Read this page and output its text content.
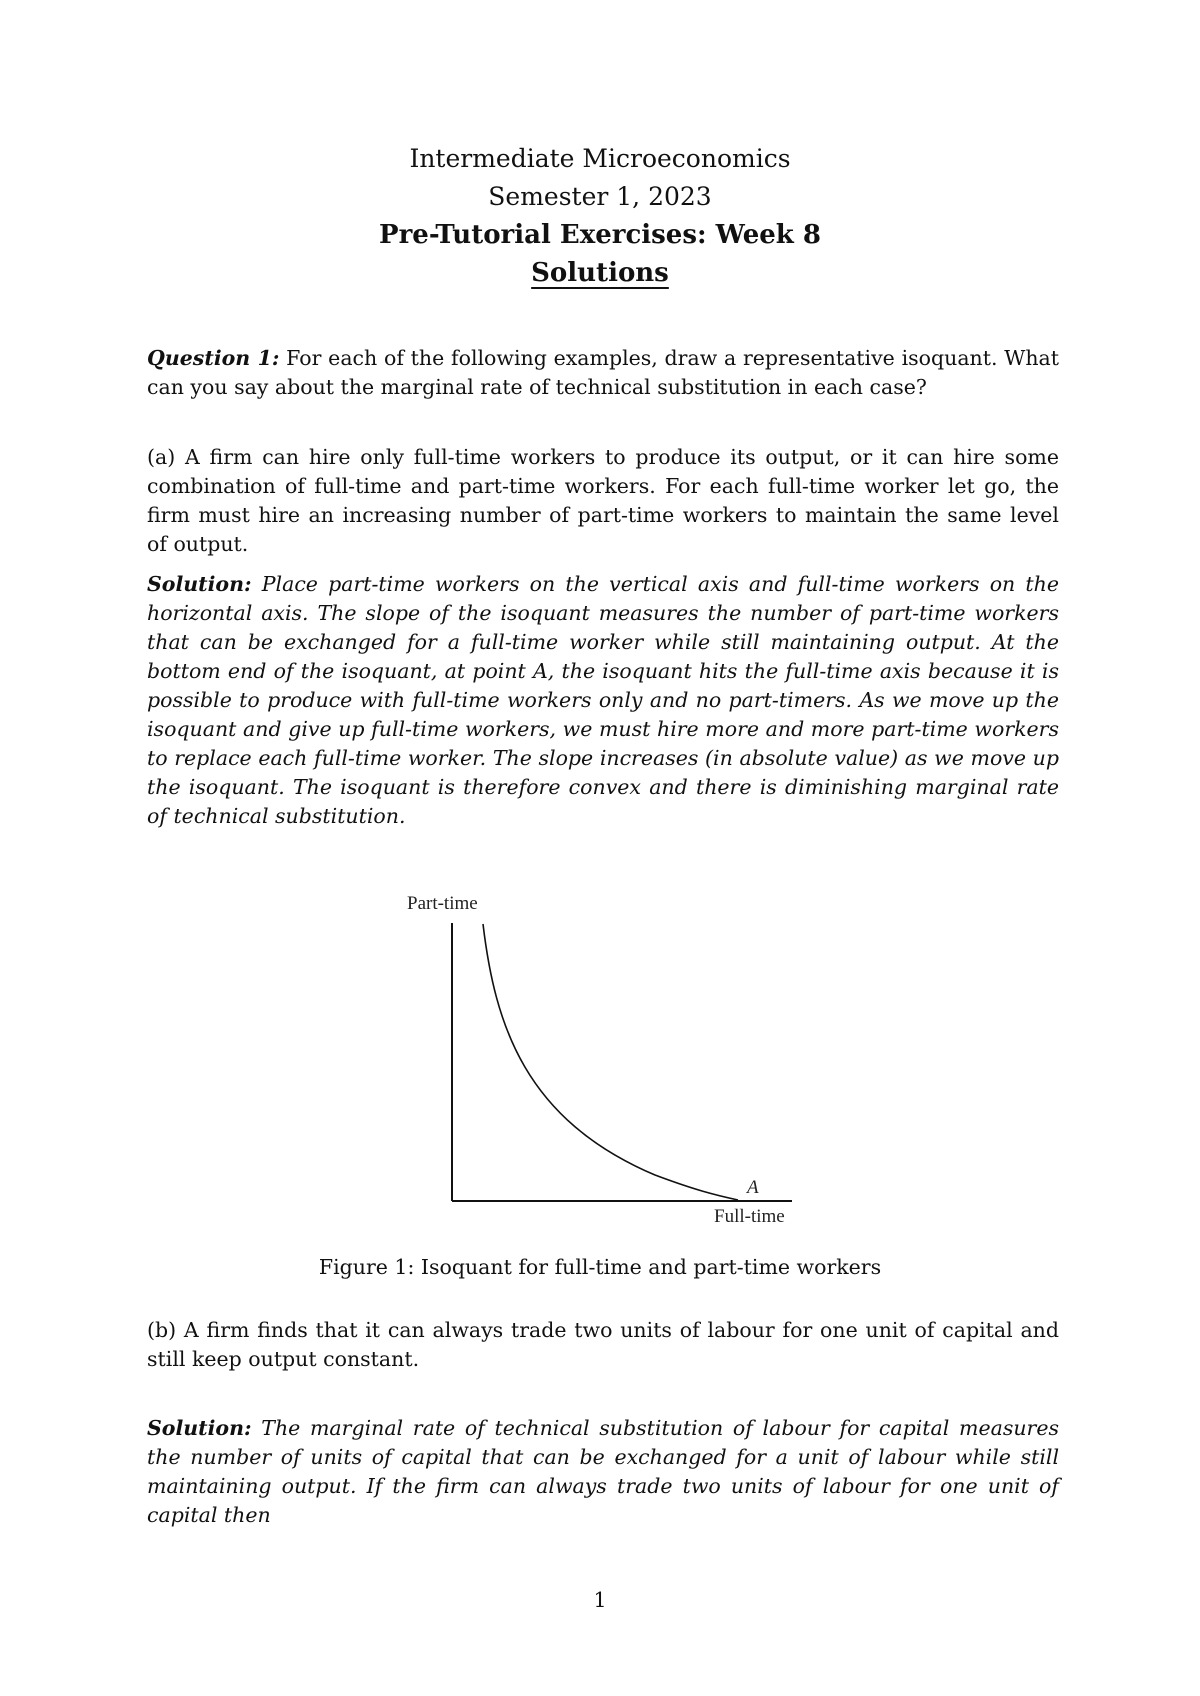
Intermediate Microeconomics
Semester 1, 2023
Pre-Tutorial Exercises: Week 8
Solutions
Question 1: For each of the following examples, draw a representative isoquant. What can you say about the marginal rate of technical substitution in each case?
(a) A firm can hire only full-time workers to produce its output, or it can hire some combination of full-time and part-time workers. For each full-time worker let go, the firm must hire an increasing number of part-time workers to maintain the same level of output.
Solution: Place part-time workers on the vertical axis and full-time workers on the horizontal axis. The slope of the isoquant measures the number of part-time workers that can be exchanged for a full-time worker while still maintaining output. At the bottom end of the isoquant, at point A, the isoquant hits the full-time axis because it is possible to produce with full-time workers only and no part-timers. As we move up the isoquant and give up full-time workers, we must hire more and more part-time workers to replace each full-time worker. The slope increases (in absolute value) as we move up the isoquant. The isoquant is therefore convex and there is diminishing marginal rate of technical substitution.
Part-time
A
Full-time
Figure 1: Isoquant for full-time and part-time workers
(b) A firm finds that it can always trade two units of labour for one unit of capital and still keep output constant.
Solution: The marginal rate of technical substitution of labour for capital measures the number of units of capital that can be exchanged for a unit of labour while still maintaining output. If the firm can always trade two units of labour for one unit of capital then
1
